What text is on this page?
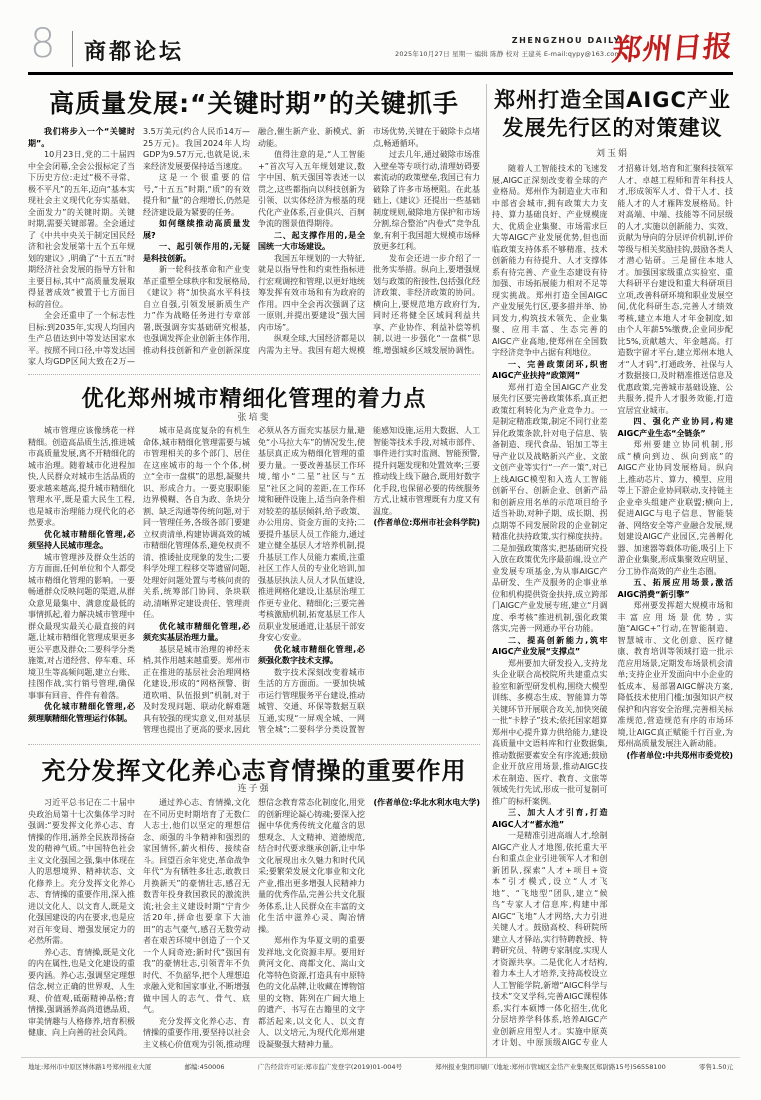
8 商都论坛	ZHENGZHOU DAILY
2025年10月27日 星期一 编辑 陈静 校对 王建英 E-mail:qypy@163.com
郑州日报
高质量发展:“关键时期”的关键抓手

我们将步入一个“关键时期”。

10月23日,党的二十届四中全会闭幕,全会公报标定了当下历史方位:走过“极不寻常、极不平凡”的五年,迈向“基本实现社会主义现代化夯实基础、全面发力”的关键时期。关键时期,需要关键部署。全会通过了《中共中央关于制定国民经济和社会发展第十五个五年规划的建议》,明确了“十五五”时期经济社会发展的指导方针和主要目标,其中“高质量发展取得显著成效”被置于七方面目标的首位。

全会还重申了一个标志性目标:到2035年,实现人均国内生产总值达到中等发达国家水平。按照不同口径,中等发达国家人均GDP区间大致在2万—3.5万美元(约合人民币14万—25万元)。我国2024年人均GDP为9.57万元,也就是说,未来经济发展要保持适当速度。

这是一个很重要的信号,“十五五”时期,“质”的有效提升和“量”的合理增长,仍然是经济建设最为紧要的任务。

如何继续推动高质量发展?

一、起引领作用的,无疑是科技创新。

新一轮科技革命和产业变革正重塑全球秩序和发展格局,《建议》将“加快高水平科技自立自强,引领发展新质生产力”作为战略任务进行专章部署,既强调夯实基础研究根基,也强调发挥企业创新主体作用,推动科技创新和产业创新深度融合,催生新产业、新模式、新动能。

值得注意的是,“人工智能+”首次写入五年规划建议,数字中国、航天强国等表述一以贯之,这些都指向以科技创新为引领、以实体经济为根基的现代化产业体系,百业俱兴、百舸争流的图景值得期待。

二、起支撑作用的,是全国统一大市场建设。

我国五年规划的一大特征,就是以指导性和约束性指标进行宏观调控和管理,以更好地统筹发挥有效市场和有为政府的作用。四中全会再次强调了这一原则,并提出要建设“强大国内市场”。

纵观全球,大国经济都是以内需为主导。我国有超大规模市场优势,关键在于破除卡点堵点,畅通循环。

过去几年,通过破除市场准入壁垒等专项行动,清理妨碍要素流动的政策壁垒,我国已有力破除了许多市场梗阻。在此基础上,《建议》还提出一些基础制度规则,破除地方保护和市场分割,综合整治“内卷式”竞争乱象,有利于我国超大规模市场释放更多红利。

发布会还进一步介绍了一批务实举措。纵向上,要增强规划与政策的衔接性,包括强化经济政策、非经济政策的协同。横向上,要规范地方政府行为,同时还将健全区域间利益共享、产业协作、利益补偿等机制,以进一步强化“一盘棋”思维,增强城乡区域发展协调性。

优化郑州城市精细化管理的着力点
张培斐

城市管理应该像绣花一样精细。创造高品质生活,推进城市高质量发展,离不开精细化的城市治理。随着城市化进程加快,人民群众对城市生活品质的要求越来越高,提升城市精细化管理水平,既是重大民生工程,也是城市治理能力现代化的必然要求。

优化城市精细化管理,必须坚持人民城市理念。

城市管理涉及群众生活的方方面面,任何单位和个人都受城市精细化管理的影响。一要畅通群众反映问题的渠道,从群众意见最集中、满意度最低的事情抓起,着力解决城市管理中群众最现实最关心最直接的问题,让城市精细化管理成果更多更公平惠及群众;二要科学分类施策,对占道经营、停车难、环境卫生等高频问题,建立台账、挂图作战,实行销号管理,确保事事有回音、件件有着落。

优化城市精细化管理,必须理顺精细化管理运行体制。

城市是高度复杂的有机生命体,城市精细化管理需要与城市管理相关的多个部门、居住在这座城市的每一个个体,树立“全市一盘棋”的思想,凝聚共识、形成合力。一要克服职能边界模糊、各自为政、条块分割、缺乏沟通等传统问题,对于同一管理任务,各级各部门要建立权责清单,构建协调高效的城市精细化管理体系,避免权责不清、推诿扯皮现象的发生;二要科学处理工程移交等遗留问题,处理好问题处置与考核问责的关系,统筹部门协同、条块联动,清晰界定建设责任、管理责任。

优化城市精细化管理,必须充实基层治理力量。

基层是城市治理的神经末梢,其作用越来越重要。郑州市正在推进的基层社会治理网格化建设,形成的“网格预警、街道吹哨、队伍报到”机制,对于及时发现问题、联动化解难题具有较强的现实意义,但对基层管理也提出了更高的要求,因此必须从各方面充实基层力量,避免“小马拉大车”的情况发生,使基层真正成为精细化管理的重要力量。一要改善基层工作环境,缩小“二星”社区与“五星”社区之间的差距,在工作环境和硬件设施上,适当向条件相对较差的基层倾斜,给予政策、办公用房、资金方面的支持;二要提升基层人员工作能力,通过建立健全基层人才培养机制,提升基层工作人员能力素质,注重社区工作人员的专业化培训,加强基层执法人员人才队伍建设,推进网格化建设,让基层治理工作更专业化、精细化;三要完善考核激励机制,拓宽基层工作人员职业发展通道,让基层干部安身安心安业。

优化城市精细化管理,必须强化数字技术支撑。

数字技术深刻改变着城市生活的方方面面。一要加快城市运行管理服务平台建设,推动城管、交通、环保等数据互联互通,实现“一屏观全城、一网管全城”;二要科学分类设置智能感知设施,运用大数据、人工智能等技术手段,对城市部件、事件进行实时监测、智能预警,提升问题发现和处置效率;三要推动线上线下融合,既用好数字化手段,也保留必要的传统服务方式,让城市管理既有力度又有温度。

(作者单位:郑州市社会科学院)

充分发挥文化养心志育情操的重要作用
连子强

习近平总书记在二十届中央政治局第十七次集体学习时强调:“要发挥文化养心志、育情操的作用,涵养全民族昂扬奋发的精神气质。”中国特色社会主义文化强国之强,集中体现在人的思想境界、精神状态、文化修养上。充分发挥文化养心志、育情操的重要作用,深入推进以文化人、以文育人,既是文化强国建设的内在要求,也是应对百年变局、增强发展定力的必然所需。

养心志、育情操,既是文化的内在属性,也是文化建设的重要内涵。养心志,强调坚定理想信念,树立正确的世界观、人生观、价值观,砥砺精神品格;育情操,强调涵养高尚道德品质、审美情趣与人格修养,培育积极健康、向上向善的社会风尚。

通过养心志、育情操,文化在不同历史时期培育了无数仁人志士,他们以坚定的理想信念、顽强的斗争精神和强烈的家国情怀,薪火相传、接续奋斗。回望百余年党史,革命战争年代“为有牺牲多壮志,敢教日月换新天”的豪情壮志,感召无数青年投身救国救民的激流洪流;社会主义建设时期“宁肯少活20年,拼命也要拿下大油田”的志气豪气,感召无数劳动者在艰苦环境中创造了一个又一个人间奇迹;新时代“强国有我”的豪情壮志,引领青年不负时代、不负韶华,把个人理想追求融入党和国家事业,不断增强做中国人的志气、骨气、底气。

充分发挥文化养心志、育情操的重要作用,要坚持以社会主义核心价值观为引领,推动理想信念教育常态化制度化,用党的创新理论凝心铸魂;要深入挖掘中华优秀传统文化蕴含的思想观念、人文精神、道德规范,结合时代要求继承创新,让中华文化展现出永久魅力和时代风采;要繁荣发展文化事业和文化产业,推出更多增强人民精神力量的优秀作品,完善公共文化服务体系,让人民群众在丰富的文化生活中滋养心灵、陶冶情操。

郑州作为华夏文明的重要发祥地,文化资源丰厚。要用好黄河文化、商都文化、嵩山文化等特色资源,打造具有中原特色的文化品牌,让收藏在博物馆里的文物、陈列在广阔大地上的遗产、书写在古籍里的文字都活起来,以文化人、以文育人、以文培元,为现代化郑州建设凝聚强大精神力量。

(作者单位:华北水利水电大学)

郑州打造全国AIGC产业
发展先行区的对策建议
刘玉娟

随着人工智能技术的飞速发展,AIGC正深刻改变着全球的产业格局。郑州作为制造业大市和中部省会城市,拥有政策大力支持、算力基础良好、产业规模庞大、优质企业集聚、市场需求巨大等AIGC产业发展优势,但也面临政策支持体系不够精准、技术创新能力有待提升、人才支撑体系有待完善、产业生态建设有待加强、市场拓展能力相对不足等现实挑战。郑州打造全国AIGC产业发展先行区,要多措并举、协同发力,构筑技术领先、企业集聚、应用丰富、生态完善的AIGC产业高地,使郑州在全国数字经济竞争中占据有利地位。

一、完善政策闭环,织密AIGC产业扶持“政策网”

郑州打造全国AIGC产业发展先行区要完善政策体系,真正把政策红利转化为产业竞争力。一是制定精准政策,制定不同行业差异化政策条款,针对电子信息、装备制造、现代食品、铝加工等主导产业以及战略新兴产业、文旅文创产业等实行“一产一策”,对已上线AIGC模型和入选人工智能创新平台、创新企业、创新产品和创新应用名单的示范项目给予适当补助,对种子期、成长期、拐点期等不同发展阶段的企业制定精准化扶持政策,实行梯度扶持。二是加强政策落实,把基础研究投入放在政策优先序最前端,设立产业发展专项基金,为从事AIGC产品研发、生产及服务的企事业单位和机构提供资金扶持,成立跨部门AIGC产业发展专班,建立“月调度、季考核”推进机制,强化政策落实,完善一网通办平台功能。

二、提高创新能力,筑牢AIGC产业发展“支撑点”

郑州要加大研发投入,支持龙头企业联合高校院所共建重点实验室和新型研发机构,围绕大模型训练、多模态生成、智能算力等关键环节开展联合攻关,加快突破一批“卡脖子”技术;依托国家超算郑州中心提升算力供给能力,建设高质量中文语料库和行业数据集,推动数据要素安全有序流通;鼓励企业开放应用场景,推动AIGC技术在制造、医疗、教育、文旅等领域先行先试,形成一批可复制可推广的标杆案例。

三、加大人才引育,打造AIGC人才“蓄水池”

一是精准引进高端人才,绘制AIGC产业人才地图,依托重大平台和重点企业引进领军人才和创新团队,探索“人才+项目+资本”引才模式,设立“人才飞地”、“飞地型”团队,建立“候鸟”专家人才信息库,构建中部AIGC“飞地”人才网络,大力引进关键人才。鼓励高校、科研院所建立人才驿站,实行特聘教授、特聘研究员、特聘专家制度,实现人才资源共享。二是优化人才结构,着力本土人才培养,支持高校设立人工智能学院,新增“AIGC科学与技术”交叉学科,完善AIGC课程体系,实行本硕博一体化招生,优化分层培养学科体系,培养AIGC产业创新应用型人才。实施中原英才计划、中原顶级AIGC专业人才招募计划,培育和汇聚科技领军人才、卓越工程师和青年科技人才,形成领军人才、骨干人才、技能人才的人才雁阵发展格局。针对高端、中端、技能等不同层级的人才,实施以创新能力、实效、贡献为导向的分层评价机制,评价等级与相关奖励挂钩,鼓励各类人才潜心钻研。三是留住本地人才。加强国家级重点实验室、重大科研平台建设和重大科研项目立项,改善科研环境和职业发展空间,优化科研生态,完善人才绩效考核,建立本地人才年金制度,如由个人年薪5%缴费,企业同步配比5%,贡献越大、年金越高。打造数字留才平台,建立郑州本地人才“人才码”,打通政务、社保与人才数据接口,及时精准推送信息及优惠政策,完善城市基础设施、公共服务,提升人才服务效能,打造宜居宜业城市。

四、强化产业协同,构建AIGC产业生态“全链条”

郑州要建立协同机制,形成“横向到边、纵向到底”的AIGC产业协同发展格局。纵向上,推动芯片、算力、模型、应用等上下游企业协同联动,支持链主企业牵头组建产业联盟;横向上,促进AIGC与电子信息、智能装备、网络安全等产业融合发展,规划建设AIGC产业园区,完善孵化器、加速器等载体功能,吸引上下游企业集聚,形成集聚效应明显、分工协作高效的产业生态圈。

五、拓展应用场景,激活AIGC消费“新引擎”

郑州要发挥超大规模市场和丰富应用场景优势,实施“AIGC+”行动,在智能制造、智慧城市、文化创意、医疗健康、教育培训等领域打造一批示范应用场景,定期发布场景机会清单;支持企业开发面向中小企业的低成本、易部署AIGC解决方案,降低技术使用门槛;加强知识产权保护和内容安全治理,完善相关标准规范,营造规范有序的市场环境,让AIGC真正赋能千行百业,为郑州高质量发展注入新动能。

(作者单位:中共郑州市委党校)

地址:郑州市中原区博体路1号郑州报业大厦	邮编:450006	广告经营许可证:郑市监广发登字(2019)01-004号	郑州报业集团印刷厂(地址:郑州市管城区金岱产业集聚区郑尉路15号)56558100	零售1.50元
